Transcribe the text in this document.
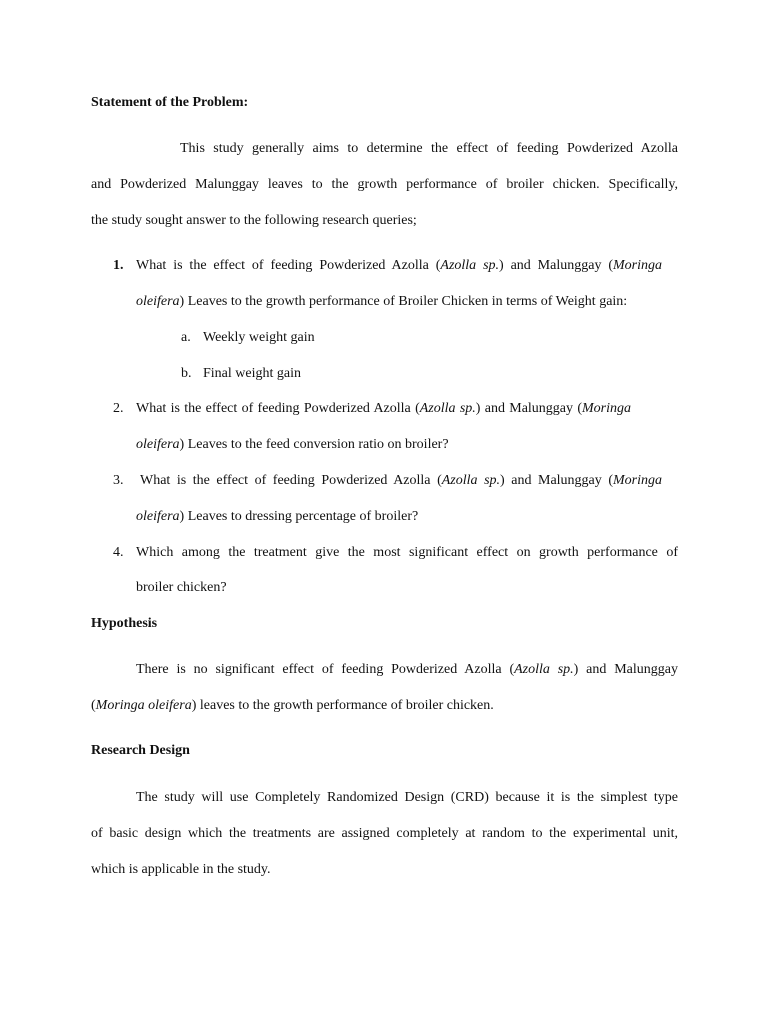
Statement of the Problem:
This study generally aims to determine the effect of feeding Powderized Azolla
and Powderized Malunggay leaves to the growth performance of broiler chicken. Specifically,
the study sought answer to the following research queries;
1. What is the effect of feeding Powderized Azolla (Azolla sp.) and Malunggay (Moringa
oleifera) Leaves to the growth performance of Broiler Chicken in terms of Weight gain:
a. Weekly weight gain
b. Final weight gain
2. What is the effect of feeding Powderized Azolla (Azolla sp.) and Malunggay (Moringa
oleifera) Leaves to the feed conversion ratio on broiler?
3. What is the effect of feeding Powderized Azolla (Azolla sp.) and Malunggay (Moringa
oleifera) Leaves to dressing percentage of broiler?
4. Which among the treatment give the most significant effect on growth performance of
broiler chicken?
Hypothesis
There is no significant effect of feeding Powderized Azolla (Azolla sp.) and Malunggay
(Moringa oleifera) leaves to the growth performance of broiler chicken.
Research Design
The study will use Completely Randomized Design (CRD) because it is the simplest type
of basic design which the treatments are assigned completely at random to the experimental unit,
which is applicable in the study.
